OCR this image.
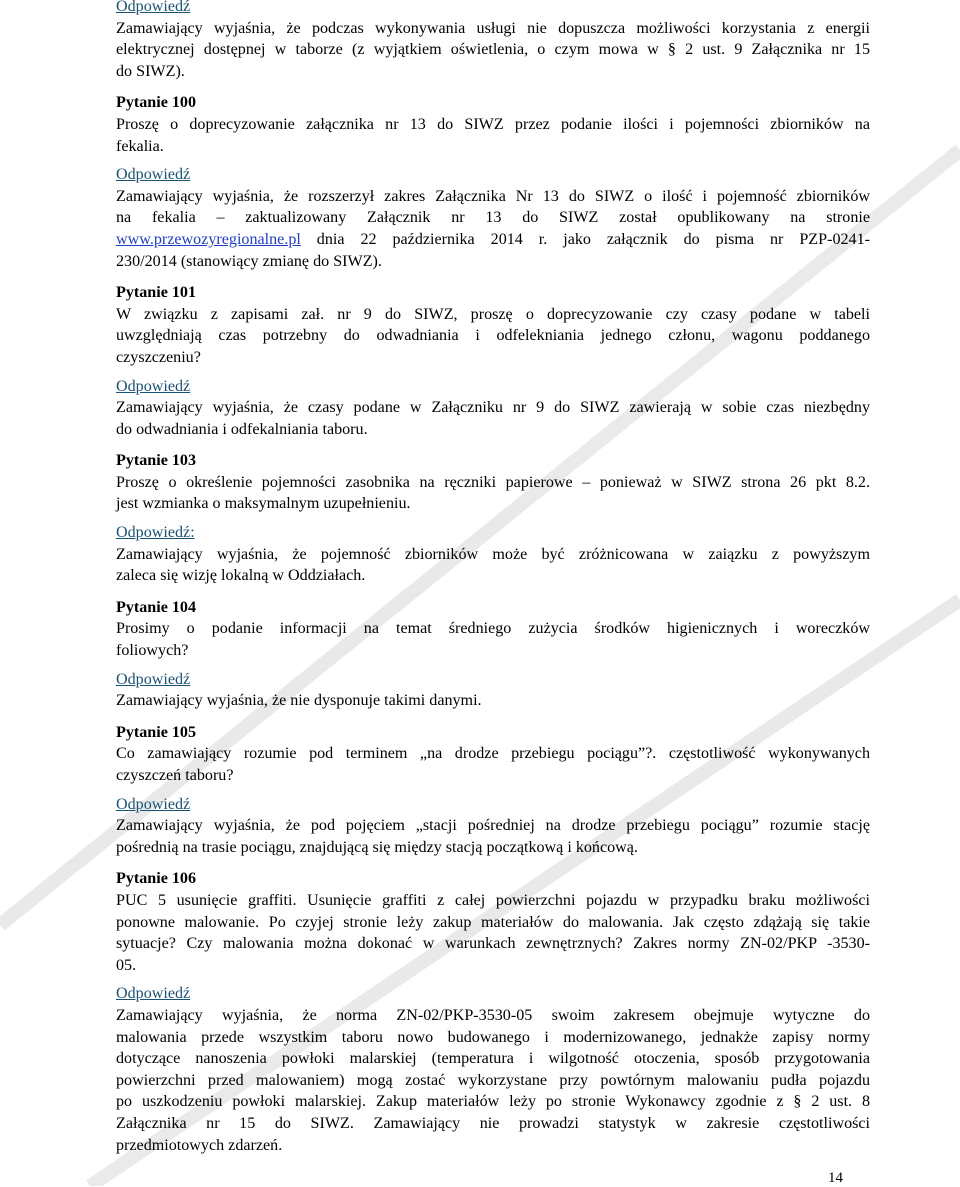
Odpowiedź
Zamawiający wyjaśnia, że podczas wykonywania usługi nie dopuszcza możliwości korzystania z energii
elektrycznej dostępnej w taborze (z wyjątkiem oświetlenia, o czym mowa w § 2 ust. 9 Załącznika nr 15
do SIWZ).
Pytanie 100
Proszę o doprecyzowanie załącznika nr 13 do SIWZ przez podanie ilości i pojemności zbiorników na
fekalia.
Odpowiedź
Zamawiający wyjaśnia, że rozszerzył zakres Załącznika Nr 13 do SIWZ o ilość i pojemność zbiorników
na fekalia – zaktualizowany Załącznik nr 13 do SIWZ został opublikowany na stronie
www.przewozyregionalne.pl dnia 22 października 2014 r. jako załącznik do pisma nr PZP-0241-
230/2014 (stanowiący zmianę do SIWZ).
Pytanie 101
W związku z zapisami zał. nr 9 do SIWZ, proszę o doprecyzowanie czy czasy podane w tabeli
uwzględniają czas potrzebny do odwadniania i odfelekniania jednego członu, wagonu poddanego
czyszczeniu?
Odpowiedź
Zamawiający wyjaśnia, że czasy podane w Załączniku nr 9 do SIWZ zawierają w sobie czas niezbędny
do odwadniania i odfekalniania taboru.
Pytanie 103
Proszę o określenie pojemności zasobnika na ręczniki papierowe – ponieważ w SIWZ strona 26 pkt 8.2.
jest wzmianka o maksymalnym uzupełnieniu.
Odpowiedź:
Zamawiający wyjaśnia, że pojemność zbiorników może być zróżnicowana w zaiązku z powyższym
zaleca się wizję lokalną w Oddziałach.
Pytanie 104
Prosimy o podanie informacji na temat średniego zużycia środków higienicznych i woreczków
foliowych?
Odpowiedź
Zamawiający wyjaśnia, że nie dysponuje takimi danymi.
Pytanie 105
Co zamawiający rozumie pod terminem „na drodze przebiegu pociągu”?. częstotliwość wykonywanych
czyszczeń taboru?
Odpowiedź
Zamawiający wyjaśnia, że pod pojęciem „stacji pośredniej na drodze przebiegu pociągu” rozumie stację
pośrednią na trasie pociągu, znajdującą się między stacją początkową i końcową.
Pytanie 106
PUC 5 usunięcie graffiti. Usunięcie graffiti z całej powierzchni pojazdu w przypadku braku możliwości
ponowne malowanie. Po czyjej stronie leży zakup materiałów do malowania. Jak często zdążają się takie
sytuacje? Czy malowania można dokonać w warunkach zewnętrznych? Zakres normy ZN-02/PKP -3530-
05.
Odpowiedź
Zamawiający wyjaśnia, że norma ZN-02/PKP-3530-05 swoim zakresem obejmuje wytyczne do
malowania przede wszystkim taboru nowo budowanego i modernizowanego, jednakże zapisy normy
dotyczące nanoszenia powłoki malarskiej (temperatura i wilgotność otoczenia, sposób przygotowania
powierzchni przed malowaniem) mogą zostać wykorzystane przy powtórnym malowaniu pudła pojazdu
po uszkodzeniu powłoki malarskiej. Zakup materiałów leży po stronie Wykonawcy zgodnie z § 2 ust. 8
Załącznika nr 15 do SIWZ. Zamawiający nie prowadzi statystyk w zakresie częstotliwości
przedmiotowych zdarzeń.
14
